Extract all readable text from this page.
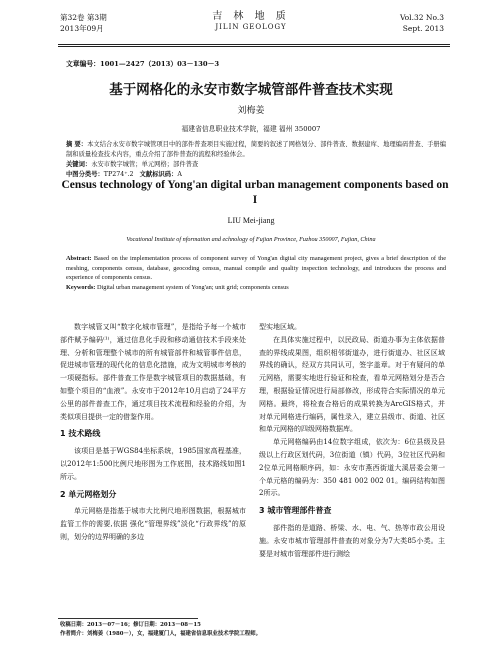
第32卷 第3期
2013年09月
吉 林 地 质
JILIN GEOLOGY
Vol.32 No.3
Sept. 2013
文章编号：1001—2427（2013）03－130－3
基于网格化的永安市数字城管部件普查技术实现
刘梅姜
福建省信息职业技术学院，福建 福州 350007
摘 要：本文结合永安市数字城管项目中的部件普查项目实施过程，简要的叙述了网格划分、部件普查、数据建库、地理编码普查、手册编制和质量检查技术内容，重点介绍了部件普查的流程和经验体会。
关键词：永安市数字城管；单元网格；部件普查
中图分类号：TP274⁺.2 文献标识码：A
Census technology of Yong'an digital urban management components based on I
LIU Mei-jiang
Vocational Institute of nformation and echnology of Fujian Province, Fuzhou 350007, Fujian, China
Abstract: Based on the implementation process of component survey of Yong'an digital city management project, gives a brief description of the meshing, components census, database, geocoding census, manual compile and quality inspection technology, and introduces the process and experience of components census.
Keywords: Digital urban management system of Yong'an; unit grid; components census

数字城管又叫“数字化城市管理”，是指给予每一个城市部件赋予编码⁽¹⁾，通过信息化手段和移动通信技术手段来处理、分析和管理整个城市的所有城管部件和城管事件信息，促进城市管理的现代化的信息化措施，成为文明城市考核的一项硬指标。部件普查工作是数字城管项目的数据基础，有如整个项目的“血液”。永安市于2012年10月启动了24平方公里的部件普查工作，通过项目技术流程和经验的介绍，为类似项目提供一定的借鉴作用。

1 技术路线

该项目是基于WGS84坐标系统，1985国家高程基准，以2012年1:500比例尺地形图为工作底图，技术路线如图1所示。

2 单元网格划分

单元网格是指基于城市大比例尺地形图数据，根据城市监管工作的需要,依据 强化“管理界线”淡化“行政界线”的原则，划分的边界明确的多边

型实地区域。

在具体实施过程中，以民政局、街道办事为主体依据普查的界线成果图，组织相邻街道办，进行街道办、社区区域界线的确认，经双方共同认可，签字盖章。对于有疑问的单元网格，需要实地进行验证和检查，看单元网格划分是否合理，根据验证情况进行局部修改，形成符合实际情况的单元网格。最终，将检查合格后的成果转换为ArcGIS格式，并对单元网格进行编码，属性录入，建立县级市、街道、社区和单元网格的四级网格数据库。

单元网格编码由14位数字组成，依次为：6位县级及县级以上行政区划代码，3位街道（镇）代码，3位社区代码和2位单元网格顺序码，如：永安市燕西街道大溪居委会第一个单元格的编码为：350 481 002 002 01。编码结构如图2所示。

3 城市管理部件普查

部件指的是道路、桥梁、水、电、气、热等市政公用设施。永安市城市管理部件普查的对象分为7大类85小类。主要是对城市管理部件进行测绘

收稿日期：2013－07－16；修订日期：2013－08－15
作者简介：刘梅姜（1980－），女，福建厦门人，福建省信息职业技术学院工程师。
